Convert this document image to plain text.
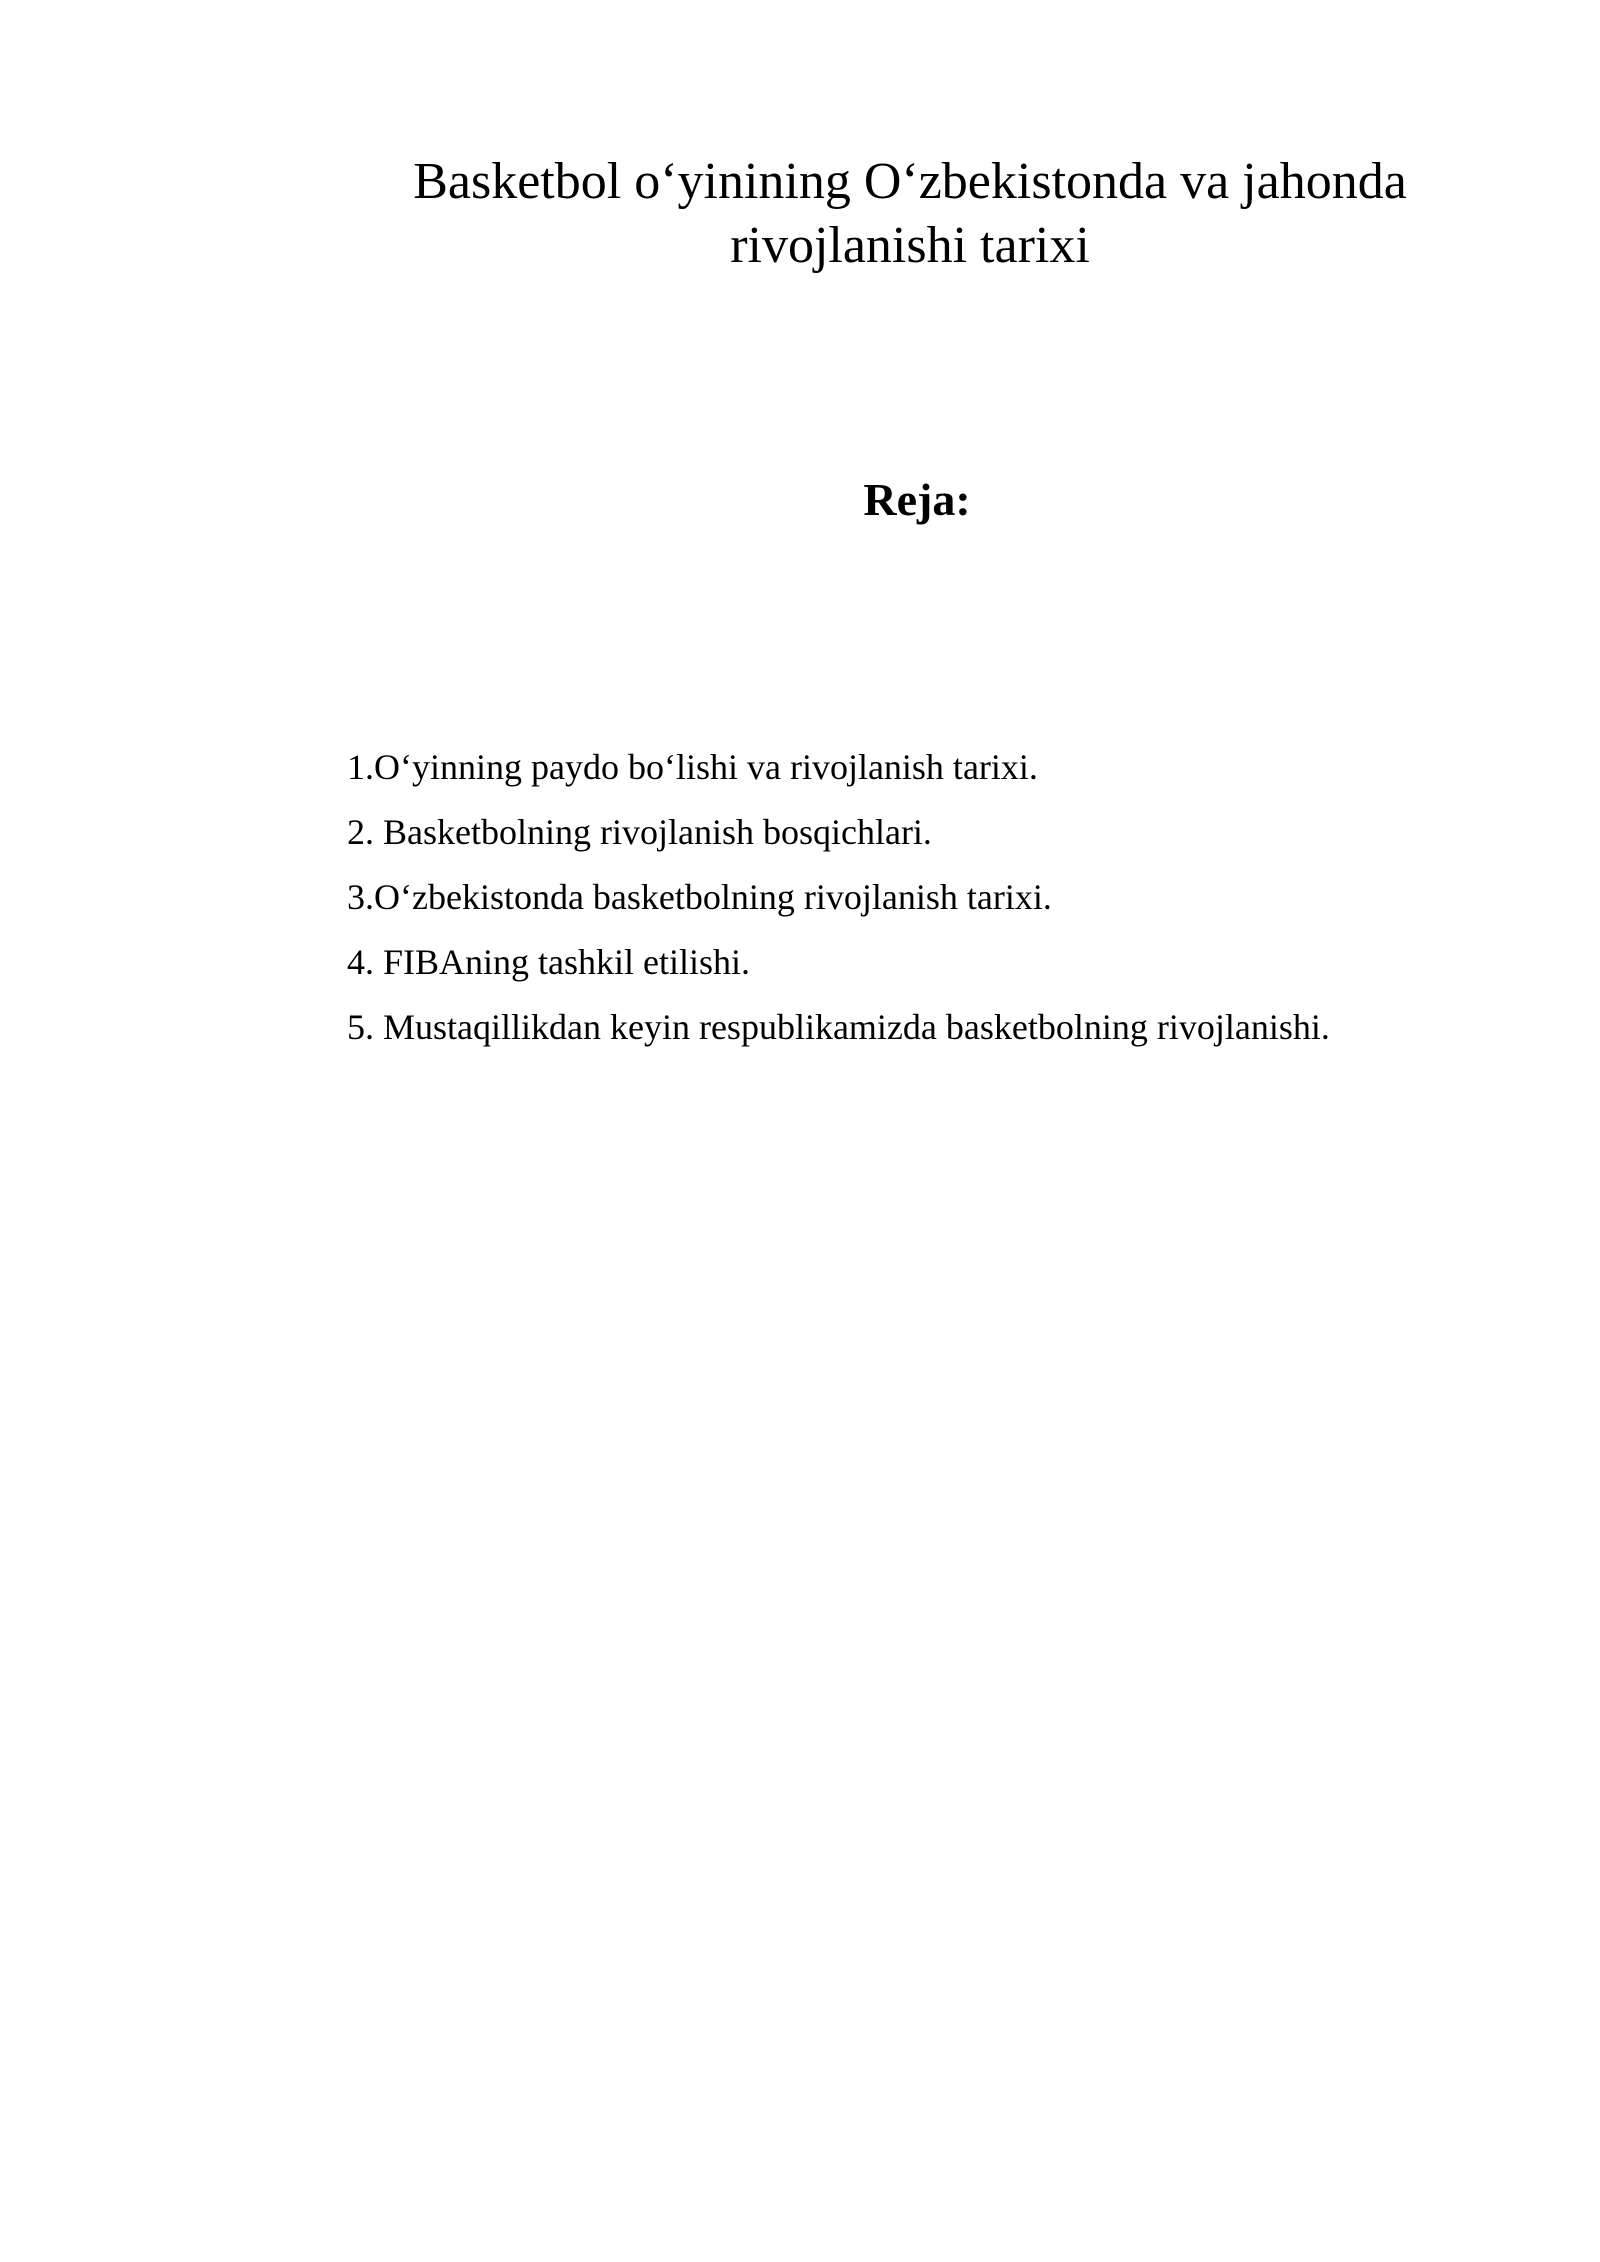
Basketbol o‘yinining O‘zbekistonda va jahonda
rivojlanishi tarixi
Reja:
1.O‘yinning paydo bo‘lishi va rivojlanish tarixi.
2. Basketbolning rivojlanish bosqichlari.
3.O‘zbekistonda basketbolning rivojlanish tarixi.
4. FIBAning tashkil etilishi.
5. Mustaqillikdan keyin respublikamizda basketbolning rivojlanishi.
